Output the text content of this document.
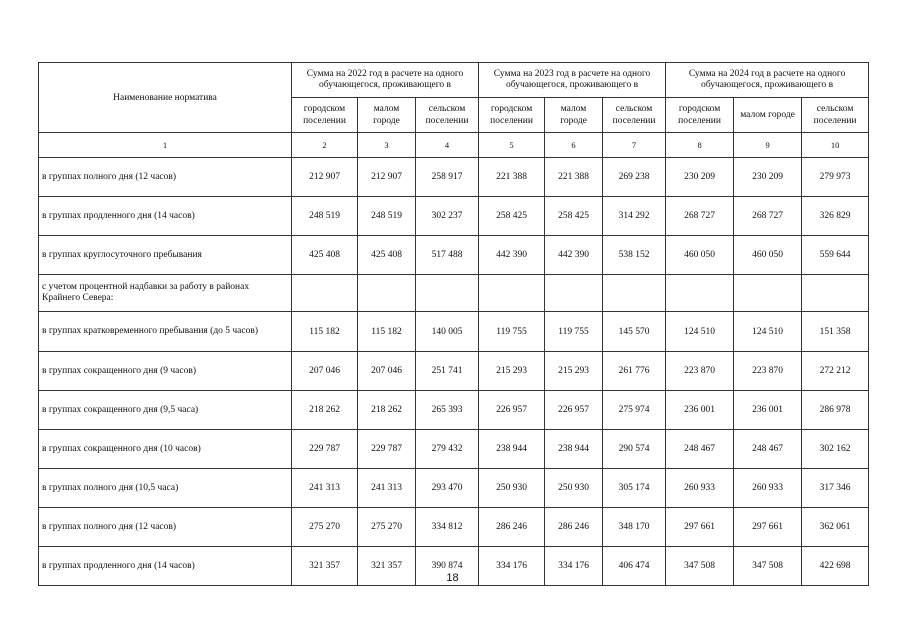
Наименование норматива	Сумма на 2022 год в расчете на одного обучающегося, проживающего в			Сумма на 2023 год в расчете на одного обучающегося, проживающего в			Сумма на 2024 год в расчете на одного обучающегося, проживающего в		
	городском поселении	малом городе	сельском поселении	городском поселении	малом городе	сельском поселении	городском поселении	малом городе	сельском поселении
1	2	3	4	5	6	7	8	9	10
в группах полного дня (12 часов)	212 907	212 907	258 917	221 388	221 388	269 238	230 209	230 209	279 973
в группах продленного дня (14 часов)	248 519	248 519	302 237	258 425	258 425	314 292	268 727	268 727	326 829
в группах круглосуточного пребывания	425 408	425 408	517 488	442 390	442 390	538 152	460 050	460 050	559 644
с учетом процентной надбавки за работу в районах Крайнего Севера:									
в группах кратковременного пребывания (до 5 часов)	115 182	115 182	140 005	119 755	119 755	145 570	124 510	124 510	151 358
в группах сокращенного дня (9 часов)	207 046	207 046	251 741	215 293	215 293	261 776	223 870	223 870	272 212
в группах сокращенного дня (9,5 часа)	218 262	218 262	265 393	226 957	226 957	275 974	236 001	236 001	286 978
в группах сокращенного дня (10 часов)	229 787	229 787	279 432	238 944	238 944	290 574	248 467	248 467	302 162
в группах полного дня (10,5 часа)	241 313	241 313	293 470	250 930	250 930	305 174	260 933	260 933	317 346
в группах полного дня (12 часов)	275 270	275 270	334 812	286 246	286 246	348 170	297 661	297 661	362 061
в группах продленного дня (14 часов)	321 357	321 357	390 874	334 176	334 176	406 474	347 508	347 508	422 698
18
